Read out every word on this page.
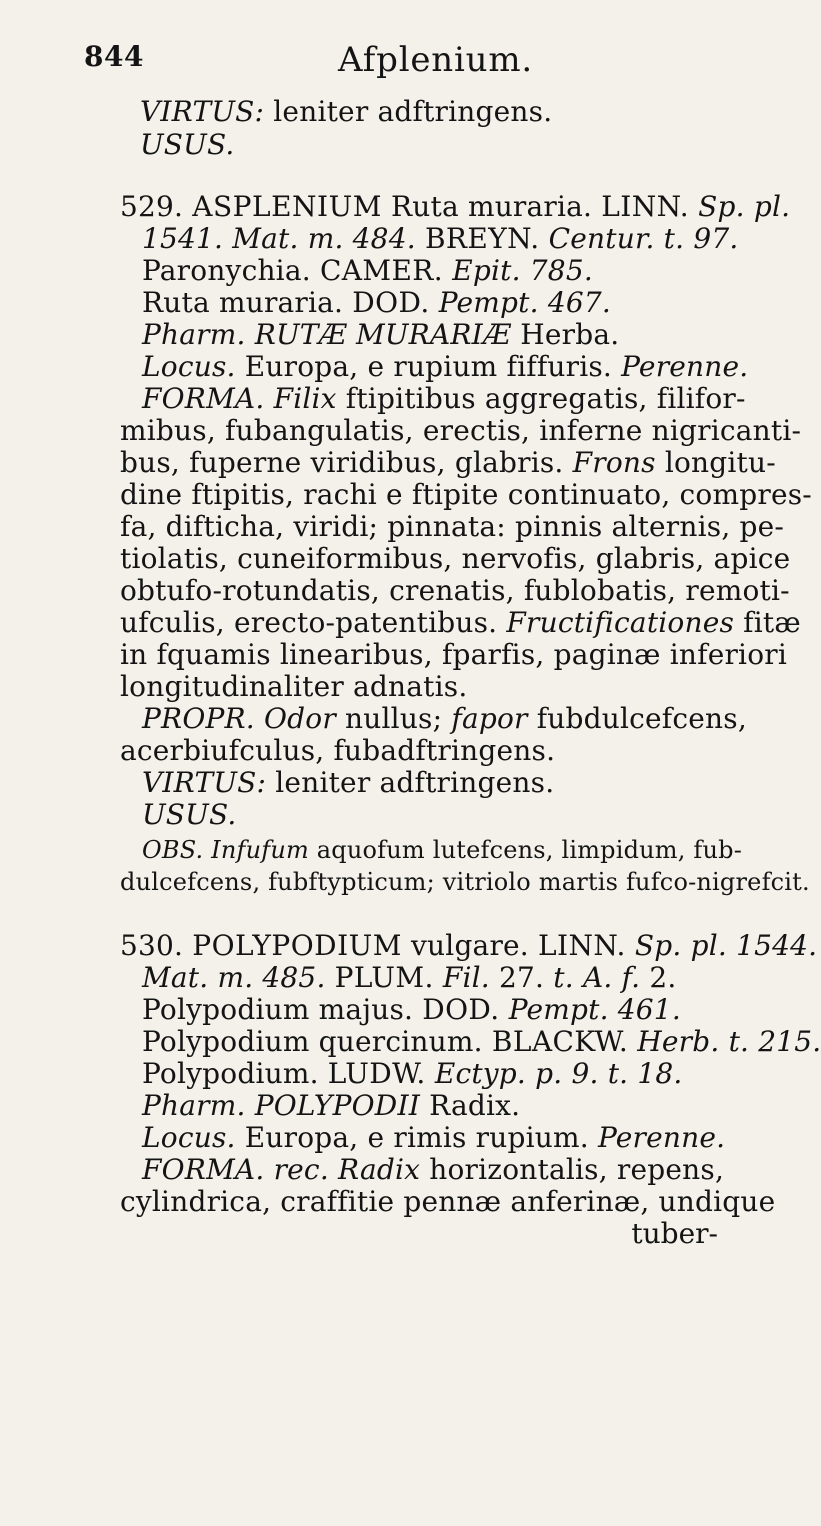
844	Afplenium.
VIRTUS: leniter adftringens.
USUS.
529. ASPLENIUM Ruta muraria. LINN. Sp. pl.
1541. Mat. m. 484. BREYN. Centur. t. 97.
Paronychia. CAMER. Epit. 785.
Ruta muraria. DOD. Pempt. 467.
Pharm. RUTÆ MURARIÆ Herba.
Locus. Europa, e rupium fiffuris. Perenne.
FORMA. Filix ftipitibus aggregatis, filifor-
mibus, fubangulatis, erectis, inferne nigricanti-
bus, fuperne viridibus, glabris. Frons longitu-
dine ftipitis, rachi e ftipite continuato, compres-
fa, difticha, viridi; pinnata: pinnis alternis, pe-
tiolatis, cuneiformibus, nervofis, glabris, apice
obtufo-rotundatis, crenatis, fublobatis, remoti-
ufculis, erecto-patentibus. Fructificationes fitæ
in fquamis linearibus, fparfis, paginæ inferiori
longitudinaliter adnatis.
PROPR. Odor nullus; fapor fubdulcefcens,
acerbiufculus, fubadftringens.
VIRTUS: leniter adftringens.
USUS.
OBS. Infufum aquofum lutefcens, limpidum, fub-
dulcefcens, fubftypticum; vitriolo martis fufco-nigrefcit.
530. POLYPODIUM vulgare. LINN. Sp. pl. 1544.
Mat. m. 485. PLUM. Fil. 27. t. A. f. 2.
Polypodium majus. DOD. Pempt. 461.
Polypodium quercinum. BLACKW. Herb. t. 215.
Polypodium. LUDW. Ectyp. p. 9. t. 18.
Pharm. POLYPODII Radix.
Locus. Europa, e rimis rupium. Perenne.
FORMA. rec. Radix horizontalis, repens,
cylindrica, craffitie pennæ anferinæ, undique
tuber-
